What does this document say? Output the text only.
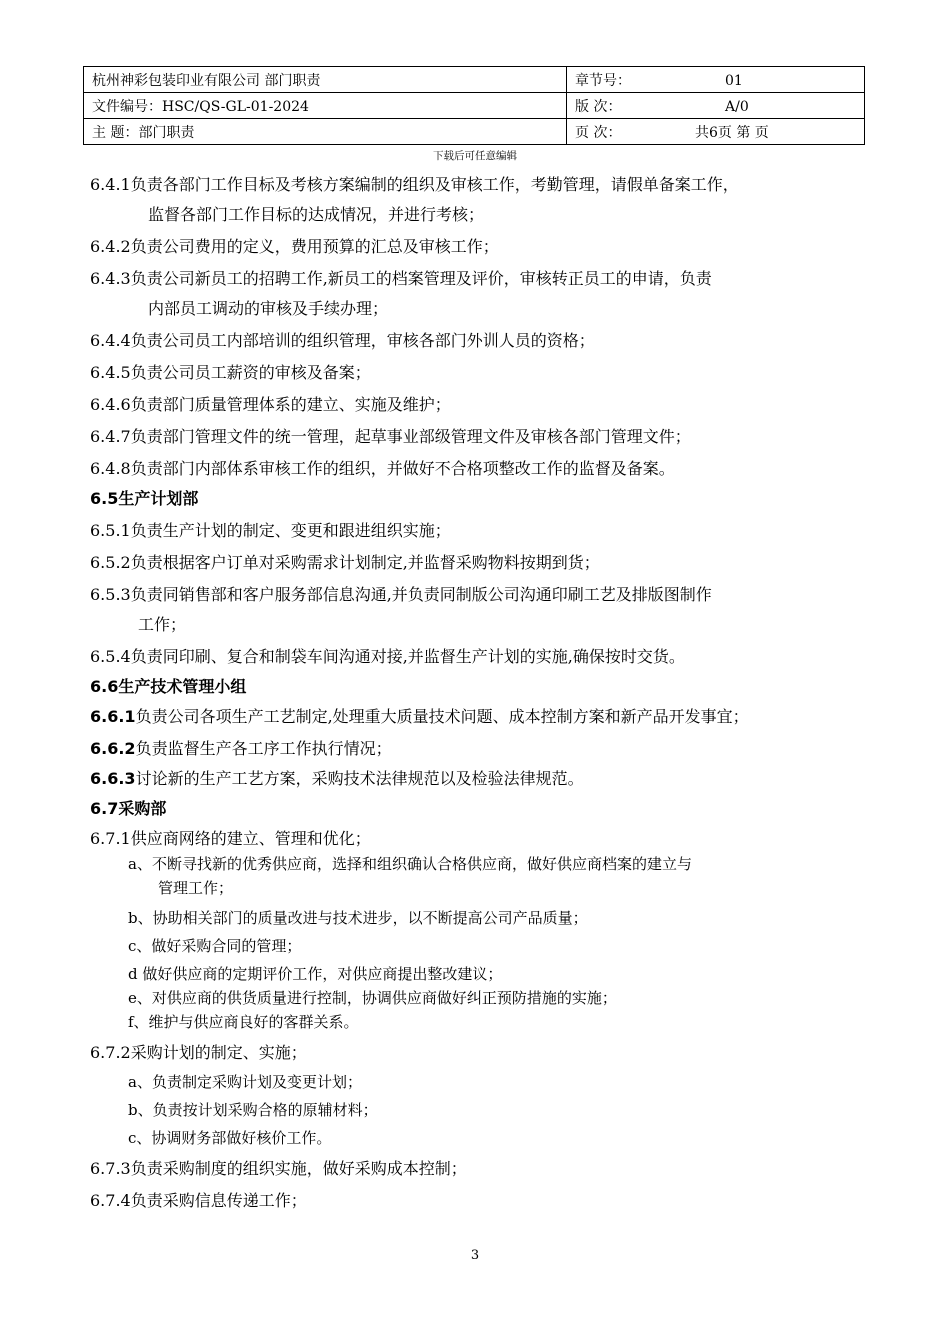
杭州神彩包装印业有限公司 部门职责	章节号： 01
文件编号：HSC/QS-GL-01-2024	版 次： A/0
主 题：部门职责	页 次： 共6页 第 页
下载后可任意编辑
6.4.1负责各部门工作目标及考核方案编制的组织及审核工作，考勤管理，请假单备案工作，
监督各部门工作目标的达成情况，并进行考核；
6.4.2负责公司费用的定义，费用预算的汇总及审核工作；
6.4.3负责公司新员工的招聘工作,新员工的档案管理及评价，审核转正员工的申请，负责
内部员工调动的审核及手续办理；
6.4.4负责公司员工内部培训的组织管理，审核各部门外训人员的资格；
6.4.5负责公司员工薪资的审核及备案；
6.4.6负责部门质量管理体系的建立、实施及维护；
6.4.7负责部门管理文件的统一管理，起草事业部级管理文件及审核各部门管理文件；
6.4.8负责部门内部体系审核工作的组织，并做好不合格项整改工作的监督及备案。
6.5生产计划部
6.5.1负责生产计划的制定、变更和跟进组织实施；
6.5.2负责根据客户订单对采购需求计划制定,并监督采购物料按期到货；
6.5.3负责同销售部和客户服务部信息沟通,并负责同制版公司沟通印刷工艺及排版图制作
工作；
6.5.4负责同印刷、复合和制袋车间沟通对接,并监督生产计划的实施,确保按时交货。
6.6生产技术管理小组
6.6.1负责公司各项生产工艺制定,处理重大质量技术问题、成本控制方案和新产品开发事宜；
6.6.2负责监督生产各工序工作执行情况；
6.6.3讨论新的生产工艺方案，采购技术法律规范以及检验法律规范。
6.7采购部
6.7.1供应商网络的建立、管理和优化；
a、不断寻找新的优秀供应商，选择和组织确认合格供应商，做好供应商档案的建立与
管理工作；
b、协助相关部门的质量改进与技术进步，以不断提高公司产品质量；
c、做好采购合同的管理；
d 做好供应商的定期评价工作，对供应商提出整改建议；
e、对供应商的供货质量进行控制，协调供应商做好纠正预防措施的实施；
f、维护与供应商良好的客群关系。
6.7.2采购计划的制定、实施；
a、负责制定采购计划及变更计划；
b、负责按计划采购合格的原辅材料；
c、协调财务部做好核价工作。
6.7.3负责采购制度的组织实施，做好采购成本控制；
6.7.4负责采购信息传递工作；
3
